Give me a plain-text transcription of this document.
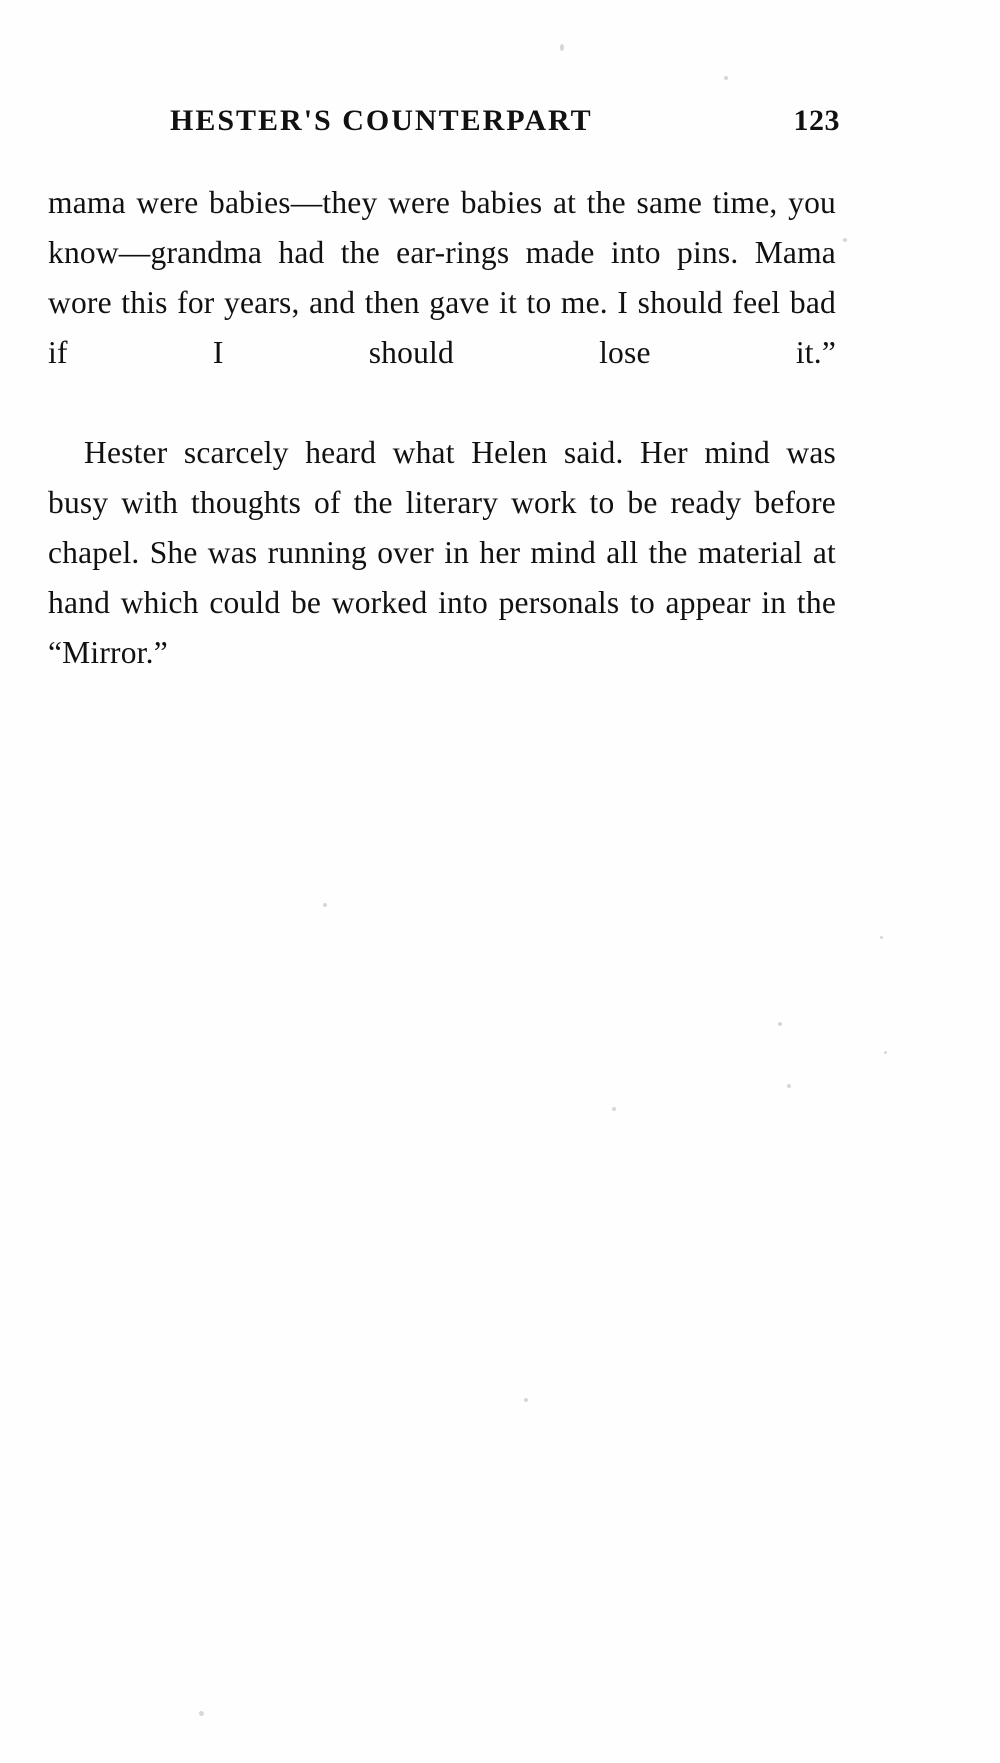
HESTER'S COUNTERPART	123

mama were babies—they were babies at the same time, you know—grandma had the ear-rings made into pins. Mama wore this for years, and then gave it to me. I should feel bad if I should lose it.”

Hester scarcely heard what Helen said. Her mind was busy with thoughts of the literary work to be ready before chapel. She was running over in her mind all the material at hand which could be worked into personals to appear in the “Mirror.”
